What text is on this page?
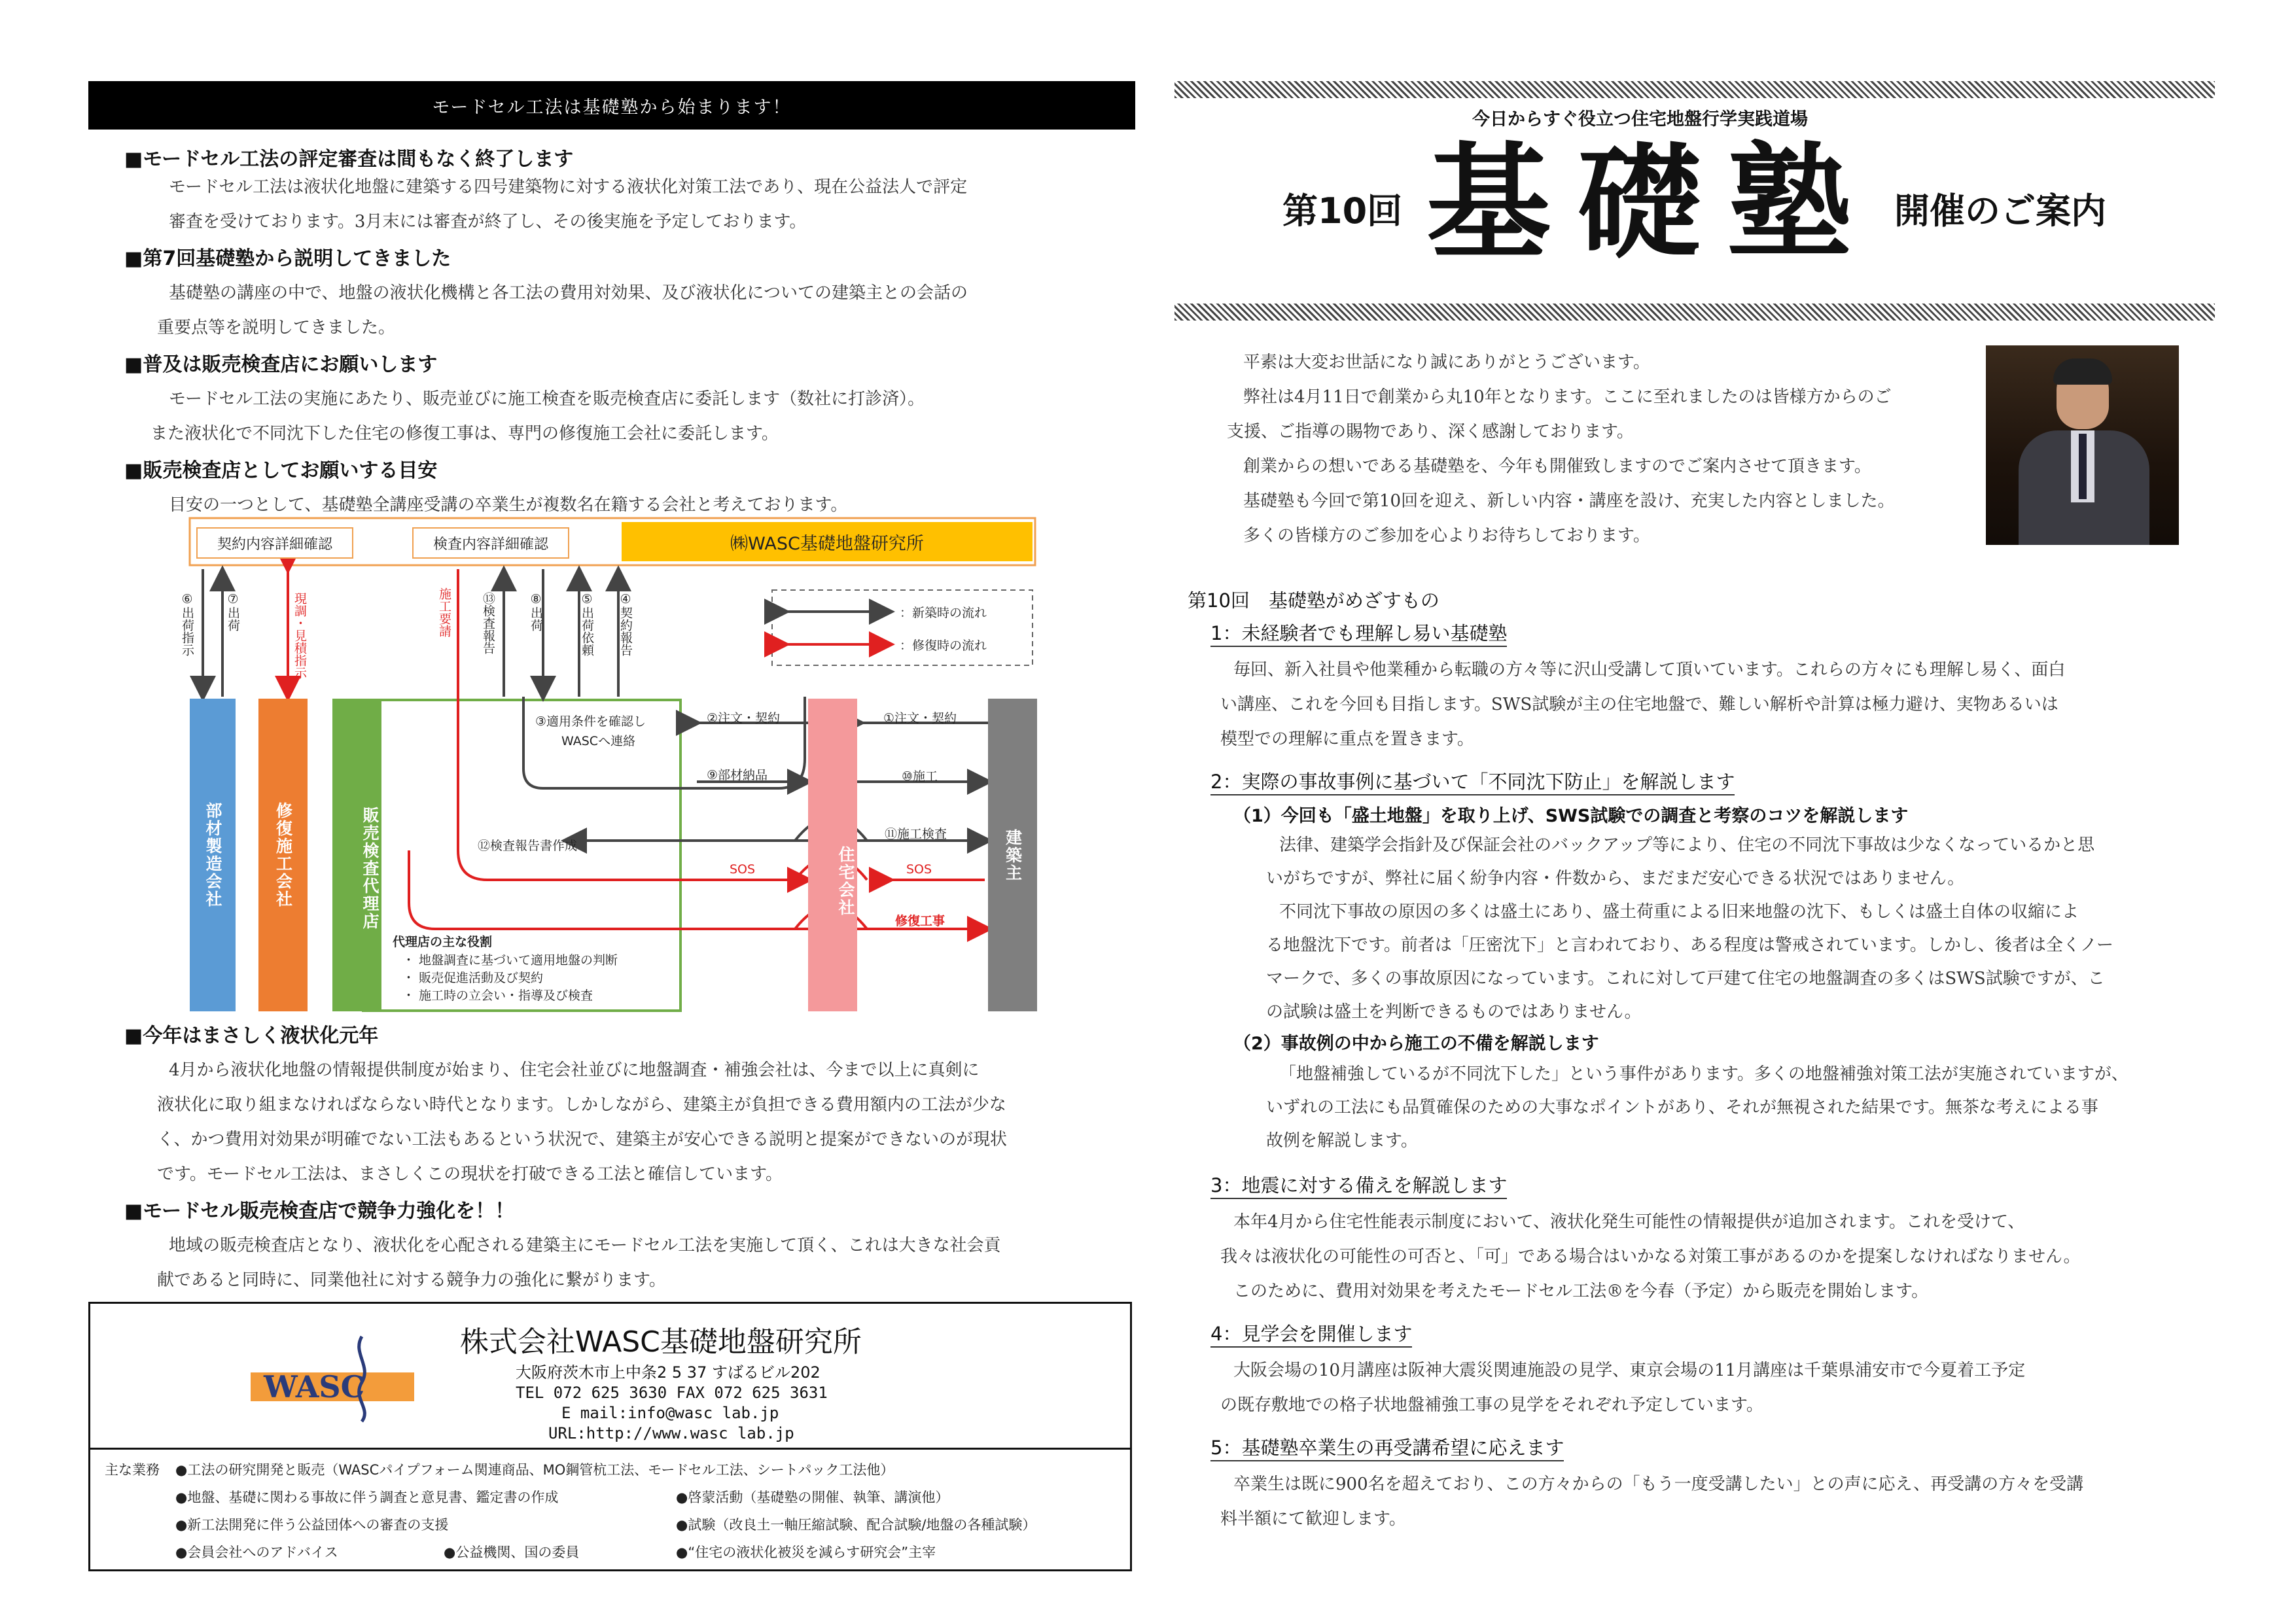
モードセル工法は基礎塾から始まります！
■モードセル工法の評定審査は間もなく終了します
モードセル工法は液状化地盤に建築する四号建築物に対する液状化対策工法であり、現在公益法人で評定
審査を受けております。3月末には審査が終了し、その後実施を予定しております。
■第7回基礎塾から説明してきました
基礎塾の講座の中で、地盤の液状化機構と各工法の費用対効果、及び液状化についての建築主との会話の
重要点等を説明してきました。
■普及は販売検査店にお願いします
モードセル工法の実施にあたり、販売並びに施工検査を販売検査店に委託します（数社に打診済）。
また液状化で不同沈下した住宅の修復工事は、専門の修復施工会社に委託します。
■販売検査店としてお願いする目安
目安の一つとして、基礎塾全講座受講の卒業生が複数名在籍する会社と考えております。
契約内容詳細確認	検査内容詳細確認	㈱WASC基礎地盤研究所
：新築時の流れ
：修復時の流れ
部材製造会社	修復施工会社	販売検査代理店	住宅会社	建築主
⑥出荷指示	⑦出荷	現調・見積指示	施工要請 ⑬検査報告	⑧出荷	⑤出荷依頼 ④契約報告
③適用条件を確認し
WASCへ連絡
②注文・契約	①注文・契約
⑨部材納品	⑩施工
⑪施工検査
⑫検査報告書作成
SOS	SOS
修復工事
代理店の主な役割
・ 地盤調査に基づいて適用地盤の判断
・ 販売促進活動及び契約
・ 施工時の立会い・指導及び検査
■今年はまさしく液状化元年
4月から液状化地盤の情報提供制度が始まり、住宅会社並びに地盤調査・補強会社は、今まで以上に真剣に
液状化に取り組まなければならない時代となります。しかしながら、建築主が負担できる費用額内の工法が少な
く、かつ費用対効果が明確でない工法もあるという状況で、建築主が安心できる説明と提案ができないのが現状
です。モードセル工法は、まさしくこの現状を打破できる工法と確信しています。
■モードセル販売検査店で競争力強化を！！
地域の販売検査店となり、液状化を心配される建築主にモードセル工法を実施して頂く、これは大きな社会貢
献であると同時に、同業他社に対する競争力の強化に繋がります。
WASC
株式会社WASC基礎地盤研究所
大阪府茨木市上中条2 5 37 すばるビル202
TEL 072 625 3630 FAX 072 625 3631
E mail:info@wasc lab.jp
URL:http://www.wasc lab.jp
主な業務 ●工法の研究開発と販売（WASCパイプフォーム関連商品、MO鋼管杭工法、モードセル工法、シートパック工法他）
●地盤、基礎に関わる事故に伴う調査と意見書、鑑定書の作成	●啓蒙活動（基礎塾の開催、執筆、講演他）
●新工法開発に伴う公益団体への審査の支援	●試験（改良土一軸圧縮試験、配合試験/地盤の各種試験）
●会員会社へのアドバイス	●公益機関、国の委員	●“住宅の液状化被災を減らす研究会”主宰
今日からすぐ役立つ住宅地盤行学実践道場
第10回 基礎塾 開催のご案内
平素は大変お世話になり誠にありがとうございます。
弊社は4月11日で創業から丸10年となります。ここに至れましたのは皆様方からのご
支援、ご指導の賜物であり、深く感謝しております。
創業からの想いである基礎塾を、今年も開催致しますのでご案内させて頂きます。
基礎塾も今回で第10回を迎え、新しい内容・講座を設け、充実した内容としました。
多くの皆様方のご参加を心よりお待ちしております。
第10回　基礎塾がめざすもの
1：未経験者でも理解し易い基礎塾
毎回、新入社員や他業種から転職の方々等に沢山受講して頂いています。これらの方々にも理解し易く、面白
い講座、これを今回も目指します。SWS試験が主の住宅地盤で、難しい解析や計算は極力避け、実物あるいは
模型での理解に重点を置きます。
2：実際の事故事例に基づいて「不同沈下防止」を解説します
（1）今回も「盛土地盤」を取り上げ、SWS試験での調査と考察のコツを解説します
法律、建築学会指針及び保証会社のバックアップ等により、住宅の不同沈下事故は少なくなっているかと思
いがちですが、弊社に届く紛争内容・件数から、まだまだ安心できる状況ではありません。
不同沈下事故の原因の多くは盛土にあり、盛土荷重による旧来地盤の沈下、もしくは盛土自体の収縮によ
る地盤沈下です。前者は「圧密沈下」と言われており、ある程度は警戒されています。しかし、後者は全くノー
マークで、多くの事故原因になっています。これに対して戸建て住宅の地盤調査の多くはSWS試験ですが、こ
の試験は盛土を判断できるものではありません。
（2）事故例の中から施工の不備を解説します
「地盤補強しているが不同沈下した」という事件があります。多くの地盤補強対策工法が実施されていますが、
いずれの工法にも品質確保のための大事なポイントがあり、それが無視された結果です。無茶な考えによる事
故例を解説します。
3：地震に対する備えを解説します
本年4月から住宅性能表示制度において、液状化発生可能性の情報提供が追加されます。これを受けて、
我々は液状化の可能性の可否と、「可」である場合はいかなる対策工事があるのかを提案しなければなりません。
このために、費用対効果を考えたモードセル工法®を今春（予定）から販売を開始します。
4：見学会を開催します
大阪会場の10月講座は阪神大震災関連施設の見学、東京会場の11月講座は千葉県浦安市で今夏着工予定
の既存敷地での格子状地盤補強工事の見学をそれぞれ予定しています。
5：基礎塾卒業生の再受講希望に応えます
卒業生は既に900名を超えており、この方々からの「もう一度受講したい」との声に応え、再受講の方々を受講
料半額にて歓迎します。
